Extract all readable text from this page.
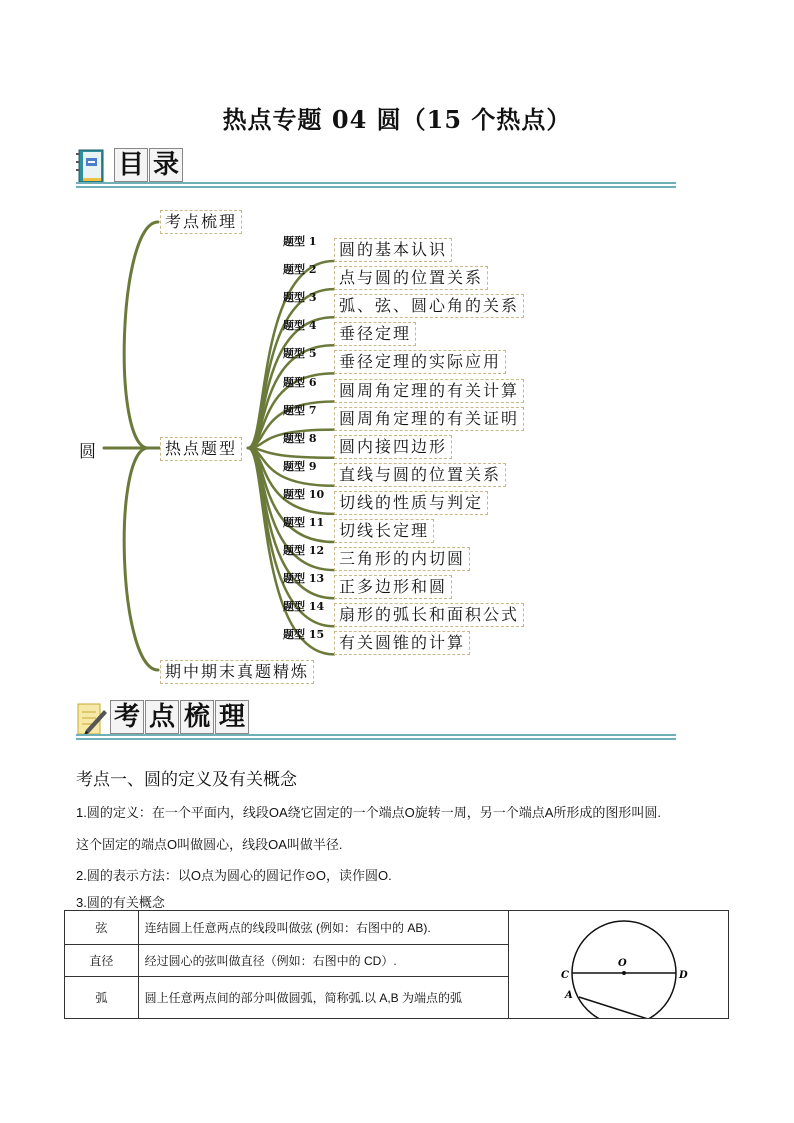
热点专题 04 圆（15 个热点）
目 录
圆
考点梳理
热点题型
期中期末真题精炼
题型 1	圆的基本认识
题型 2	点与圆的位置关系
题型 3	弧、弦、圆心角的关系
题型 4	垂径定理
题型 5	垂径定理的实际应用
题型 6	圆周角定理的有关计算
题型 7	圆周角定理的有关证明
题型 8	圆内接四边形
题型 9	直线与圆的位置关系
题型 10 切线的性质与判定
题型 11 切线长定理
题型 12 三角形的内切圆
题型 13 正多边形和圆
题型 14 扇形的弧长和面积公式
题型 15 有关圆锥的计算
考 点 梳 理
考点一、圆的定义及有关概念
1.圆的定义：在一个平面内，线段OA绕它固定的一个端点O旋转一周，另一个端点A所形成的图形叫圆.
这个固定的端点O叫做圆心，线段OA叫做半径.
2.圆的表示方法：以O点为圆心的圆记作⊙O，读作圆O.
3.圆的有关概念
弦	连结圆上任意两点的线段叫做弦 (例如：右图中的 AB).	O
C D
A

直径	经过圆心的弦叫做直径（例如：右图中的 CD）.	
弧	圆上任意两点间的部分叫做圆弧，简称弧.以 A,B 为端点的弧	
